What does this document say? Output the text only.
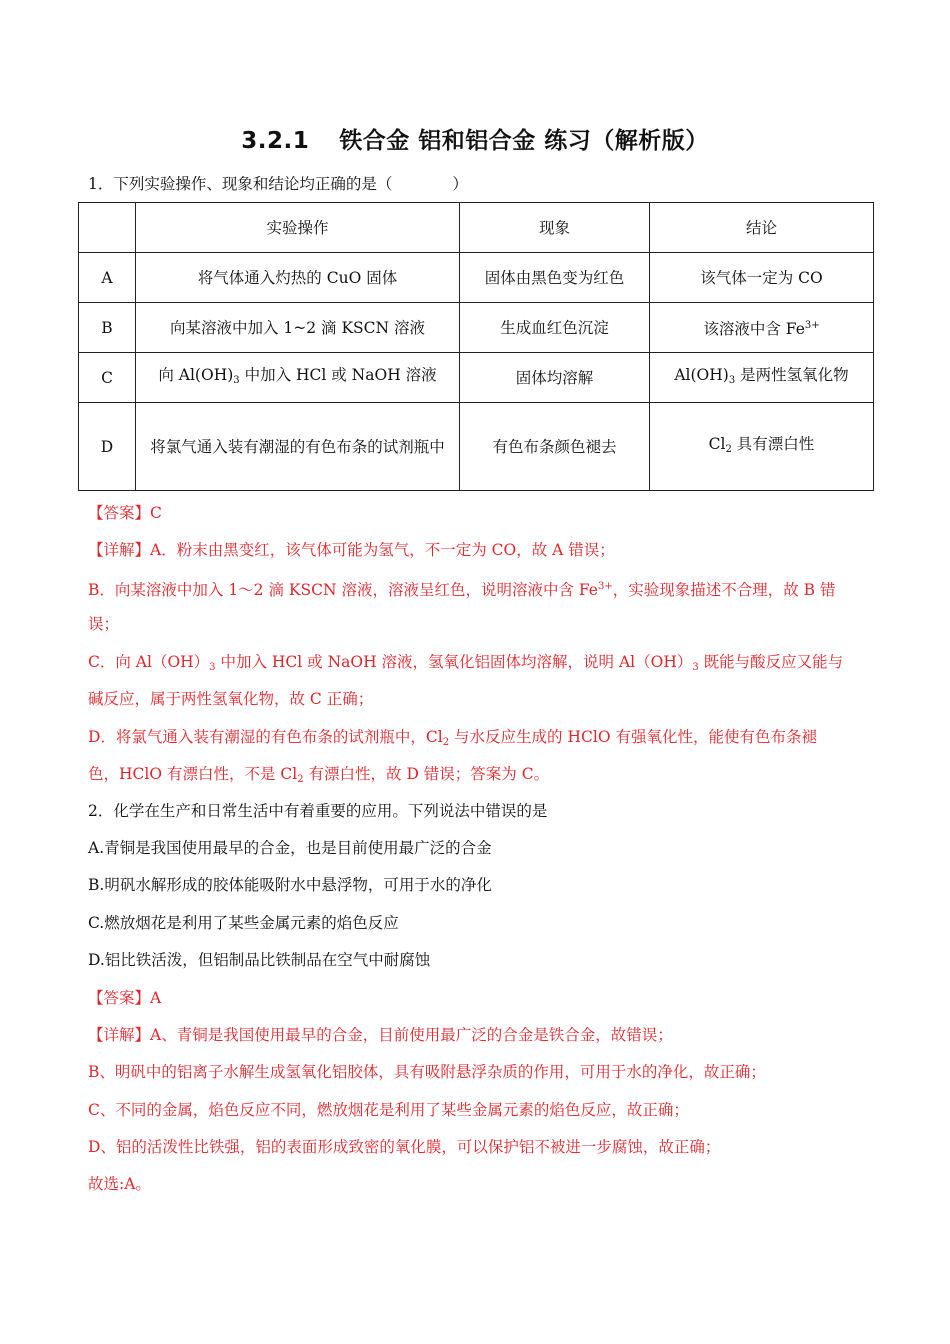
3.2.1 铁合金 铝和铝合金 练习（解析版）
1．下列实验操作、现象和结论均正确的是（	）
	实验操作	现象	结论
A	将气体通入灼热的 CuO 固体	固体由黑色变为红色	该气体一定为 CO
B	向某溶液中加入 1~2 滴 KSCN 溶液	生成血红色沉淀	该溶液中含 $Fe^{3+}$
C	向 $Al(OH)_3$ 中加入 HCl 或 NaOH 溶液	固体均溶解	$Al(OH)_3$ 是两性氢氧化物
D	将氯气通入装有潮湿的有色布条的试剂瓶中	有色布条颜色褪去	$Cl_2$ 具有漂白性
【答案】C
【详解】A．粉末由黑变红，该气体可能为氢气，不一定为 CO，故 A 错误；
B．向某溶液中加入 1～2 滴 KSCN 溶液，溶液呈红色，说明溶液中含 $Fe^{3+}$，实验现象描述不合理，故 B 错
误；
C．向 $Al(OH)_3$ 中加入 HCl 或 NaOH 溶液，氢氧化铝固体均溶解，说明 $Al(OH)_3$ 既能与酸反应又能与
碱反应，属于两性氢氧化物，故 C 正确；
D．将氯气通入装有潮湿的有色布条的试剂瓶中，$Cl_2$ 与水反应生成的 HClO 有强氧化性，能使有色布条褪
色，HClO 有漂白性，不是 $Cl_2$ 有漂白性，故 D 错误；答案为 C。
2．化学在生产和日常生活中有着重要的应用。下列说法中错误的是
A.青铜是我国使用最早的合金，也是目前使用最广泛的合金
B.明矾水解形成的胶体能吸附水中悬浮物，可用于水的净化
C.燃放烟花是利用了某些金属元素的焰色反应
D.铝比铁活泼，但铝制品比铁制品在空气中耐腐蚀
【答案】A
【详解】A、青铜是我国使用最早的合金，目前使用最广泛的合金是铁合金，故错误；
B、明矾中的铝离子水解生成氢氧化铝胶体，具有吸附悬浮杂质的作用，可用于水的净化，故正确；
C、不同的金属，焰色反应不同，燃放烟花是利用了某些金属元素的焰色反应，故正确；
D、铝的活泼性比铁强，铝的表面形成致密的氧化膜，可以保护铝不被进一步腐蚀，故正确；
故选:A。
